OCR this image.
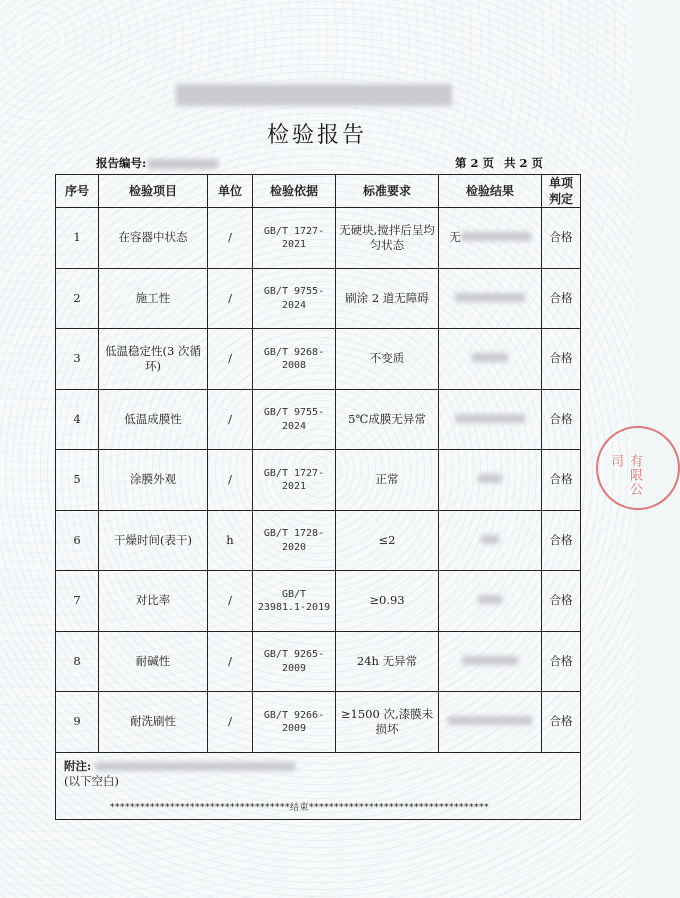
检验报告
报告编号:	第 2 页 共 2 页
序号	检验项目	单位	检验依据	标准要求	检验结果	单项判定
1	在容器中状态	/	GB/T 1727-2021	无硬块,搅拌后呈均匀状态	无	合格
2	施工性	/	GB/T 9755-2024	刷涂 2 道无障碍		合格
3	低温稳定性(3 次循环)	/	GB/T 9268-2008	不变质		合格
4	低温成膜性	/	GB/T 9755-2024	5℃成膜无异常		合格
5	涂膜外观	/	GB/T 1727-2021	正常		合格
6	干燥时间(表干)	h	GB/T 1728-2020	≤2		合格
7	对比率	/	GB/T 23981.1-2019	≥0.93		合格
8	耐碱性	/	GB/T 9265-2009	24h 无异常		合格
9	耐洗刷性	/	GB/T 9266-2009	≥1500 次,漆膜未损坏		合格
附注:
(以下空白)						
************************************结束************************************
有限公司
